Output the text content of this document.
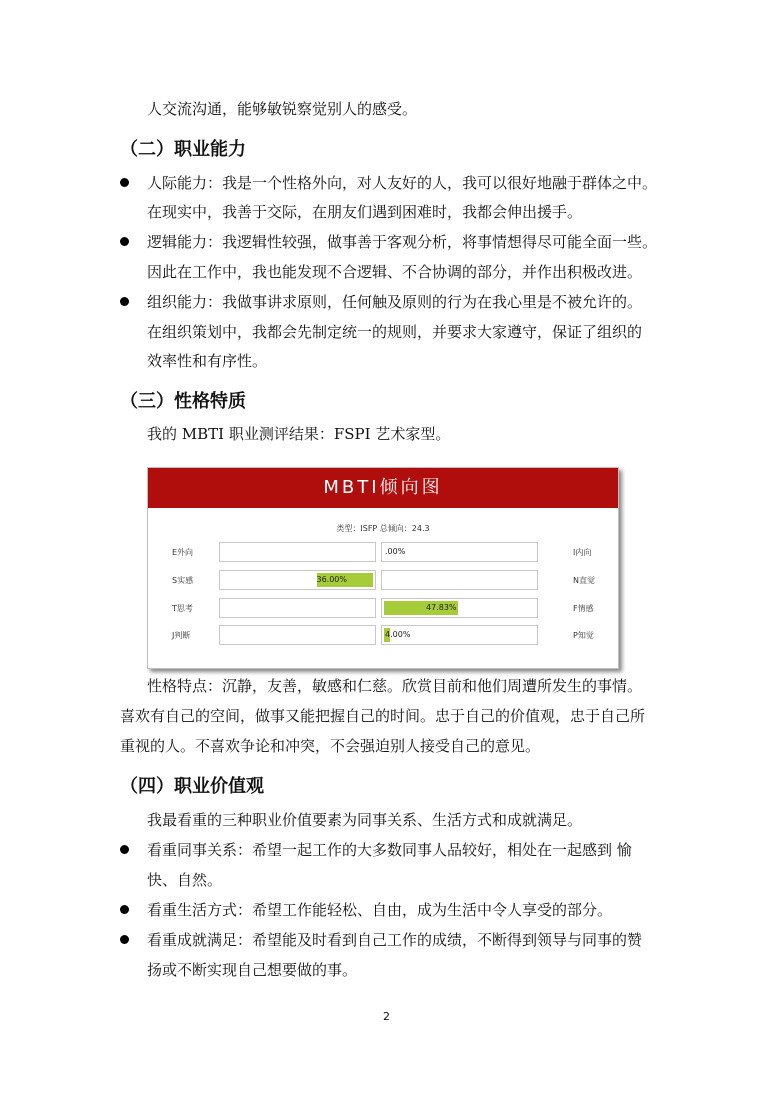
人交流沟通，能够敏锐察觉别人的感受。
（二）职业能力
人际能力：我是一个性格外向，对人友好的人，我可以很好地融于群体之中。
在现实中，我善于交际，在朋友们遇到困难时，我都会伸出援手。
逻辑能力：我逻辑性较强，做事善于客观分析，将事情想得尽可能全面一些。
因此在工作中，我也能发现不合逻辑、不合协调的部分，并作出积极改进。
组织能力：我做事讲求原则，任何触及原则的行为在我心里是不被允许的。
在组织策划中，我都会先制定统一的规则，并要求大家遵守，保证了组织的
效率性和有序性。
（三）性格特质
我的 MBTI 职业测评结果：FSPI 艺术家型。
MBTI倾向图
类型：ISFP 总倾向：24.3
E外向	.00%	I内向
S实感	36.00%	N直觉
T思考	47.83%	F情感
J判断	4.00%	P知觉
性格特点：沉静，友善，敏感和仁慈。欣赏目前和他们周遭所发生的事情。
喜欢有自己的空间，做事又能把握自己的时间。忠于自己的价值观，忠于自己所
重视的人。不喜欢争论和冲突，不会强迫别人接受自己的意见。
（四）职业价值观
我最看重的三种职业价值要素为同事关系、生活方式和成就满足。
看重同事关系：希望一起工作的大多数同事人品较好，相处在一起感到 愉
快、自然。
看重生活方式：希望工作能轻松、自由，成为生活中令人享受的部分。
看重成就满足：希望能及时看到自己工作的成绩，不断得到领导与同事的赞
扬或不断实现自己想要做的事。
2
